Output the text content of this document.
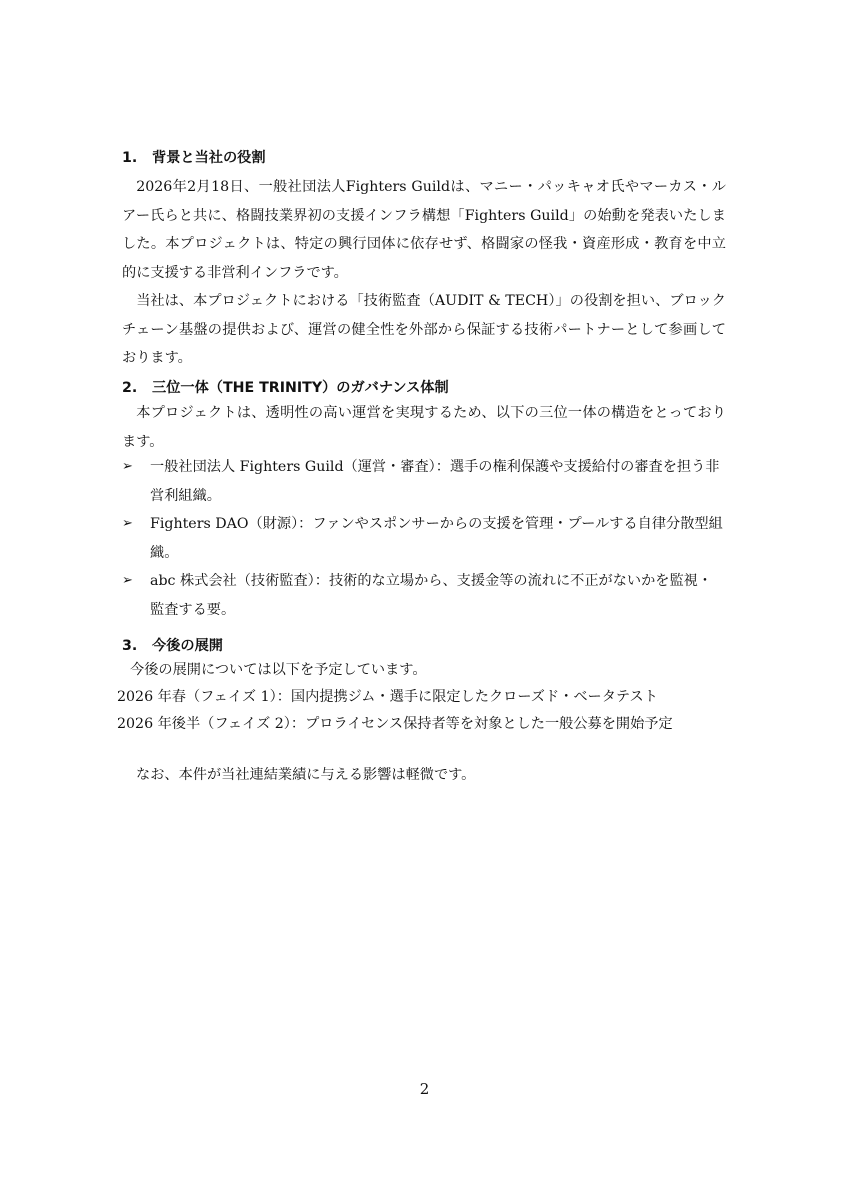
1. 背景と当社の役割
2026年2月18日、一般社団法人Fighters Guildは、マニー・パッキャオ氏やマーカス・ルアー氏らと共に、格闘技業界初の支援インフラ構想「Fighters Guild」の始動を発表いたしました。本プロジェクトは、特定の興行団体に依存せず、格闘家の怪我・資産形成・教育を中立的に支援する非営利インフラです。
当社は、本プロジェクトにおける「技術監査（AUDIT & TECH）」の役割を担い、ブロックチェーン基盤の提供および、運営の健全性を外部から保証する技術パートナーとして参画しております。
2. 三位一体（THE TRINITY）のガバナンス体制
本プロジェクトは、透明性の高い運営を実現するため、以下の三位一体の構造をとっております。
➢ 一般社団法人 Fighters Guild（運営・審査）：選手の権利保護や支援給付の審査を担う非営利組織。
➢ Fighters DAO（財源）：ファンやスポンサーからの支援を管理・プールする自律分散型組織。
➢ abc 株式会社（技術監査）：技術的な立場から、支援金等の流れに不正がないかを監視・監査する要。
3. 今後の展開
今後の展開については以下を予定しています。
2026 年春（フェイズ 1）：国内提携ジム・選手に限定したクローズド・ベータテスト
2026 年後半（フェイズ 2）：プロライセンス保持者等を対象とした一般公募を開始予定
なお、本件が当社連結業績に与える影響は軽微です。
2
